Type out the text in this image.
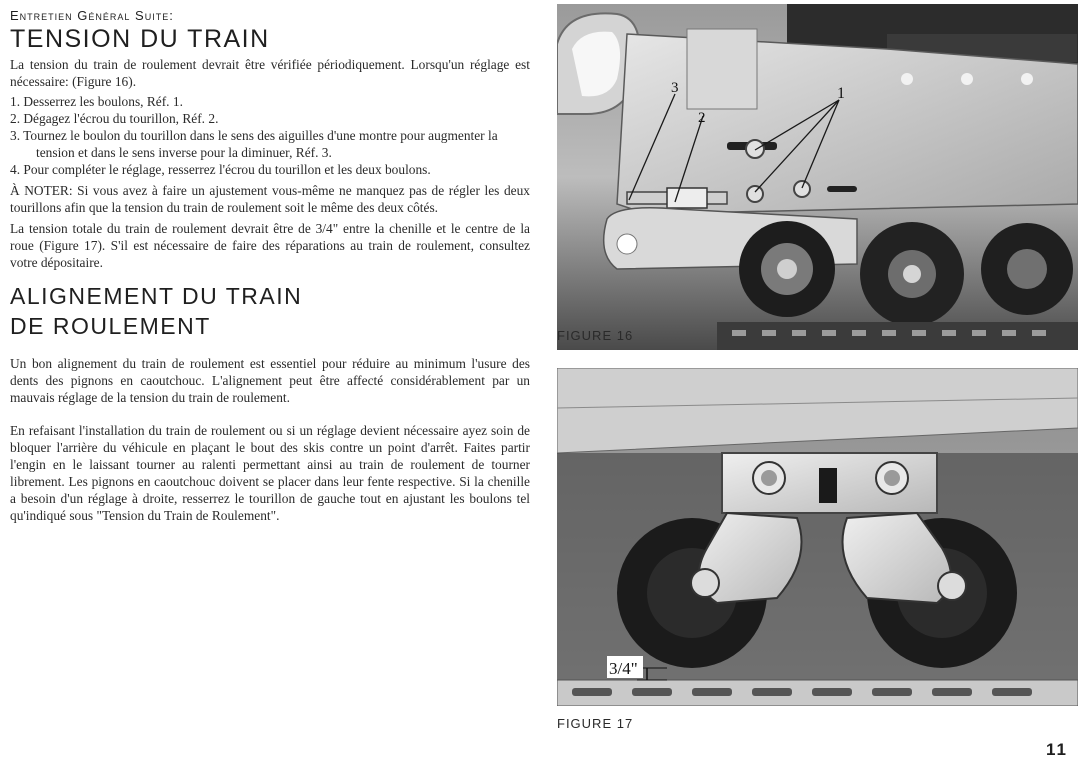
Entretien Général Suite:

TENSION DU TRAIN

La tension du train de roulement devrait être vérifiée périodiquement. Lorsqu'un réglage est nécessaire: (Figure 16).

1. Desserrez les boulons, Réf. 1.
2. Dégagez l'écrou du tourillon, Réf. 2.
3. Tournez le boulon du tourillon dans le sens des aiguilles d'une montre pour augmenter la tension et dans le sens inverse pour la diminuer, Réf. 3.
4. Pour compléter le réglage, resserrez l'écrou du tourillon et les deux boulons.

À NOTER: Si vous avez à faire un ajustement vous-même ne manquez pas de régler les deux tourillons afin que la tension du train de roulement soit le même des deux côtés.

La tension totale du train de roulement devrait être de 3/4" entre la chenille et le centre de la roue (Figure 17). S'il est nécessaire de faire des réparations au train de roulement, consultez votre dépositaire.

ALIGNEMENT DU TRAIN
DE ROULEMENT

Un bon alignement du train de roulement est essentiel pour réduire au minimum l'usure des dents des pignons en caoutchouc. L'alignement peut être affecté considérablement par un mauvais réglage de la tension du train de roulement.

En refaisant l'installation du train de roulement ou si un réglage devient nécessaire ayez soin de bloquer l'arrière du véhicule en plaçant le bout des skis contre un point d'arrêt. Faites partir l'engin en le laissant tourner au ralenti permettant ainsi au train de roulement de tourner librement. Les pignons en caoutchouc doivent se placer dans leur fente respective. Si la chenille a besoin d'un réglage à droite, resserrez le tourillon de gauche tout en ajustant les boulons tel qu'indiqué sous "Tension du Train de Roulement".

3
2
1
FIGURE 16
3/4"
FIGURE 17
11
